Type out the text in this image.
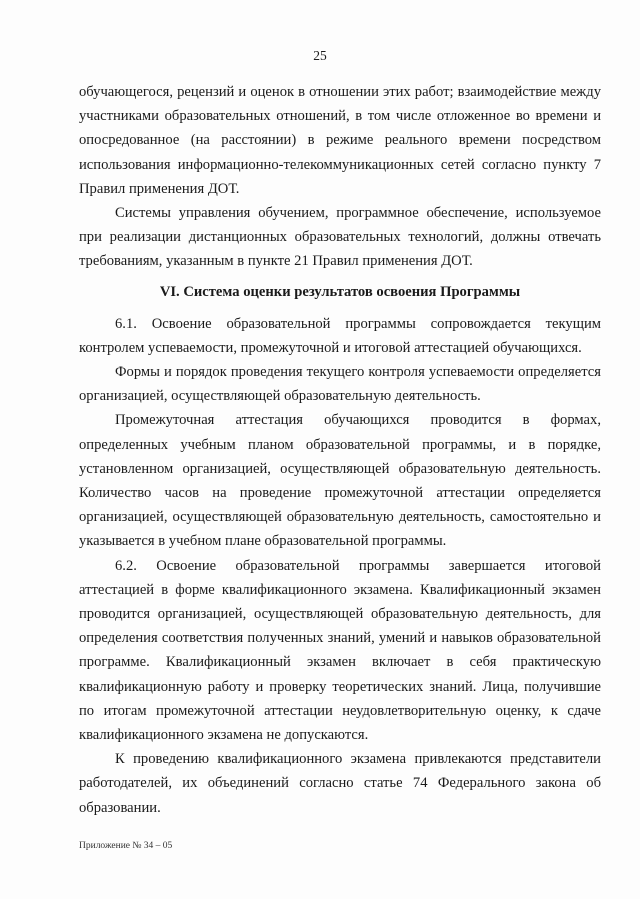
25

обучающегося, рецензий и оценок в отношении этих работ; взаимодействие между участниками образовательных отношений, в том числе отложенное во времени и опосредованное (на расстоянии) в режиме реального времени посредством использования информационно-телекоммуникационных сетей согласно пункту 7 Правил применения ДОТ.

Системы управления обучением, программное обеспечение, используемое при реализации дистанционных образовательных технологий, должны отвечать требованиям, указанным в пункте 21 Правил применения ДОТ.

VI. Система оценки результатов освоения Программы

6.1. Освоение образовательной программы сопровождается текущим контролем успеваемости, промежуточной и итоговой аттестацией обучающихся.

Формы и порядок проведения текущего контроля успеваемости определяется организацией, осуществляющей образовательную деятельность.

Промежуточная аттестация обучающихся проводится в формах, определенных учебным планом образовательной программы, и в порядке, установленном организацией, осуществляющей образовательную деятельность. Количество часов на проведение промежуточной аттестации определяется организацией, осуществляющей образовательную деятельность, самостоятельно и указывается в учебном плане образовательной программы.

6.2. Освоение образовательной программы завершается итоговой аттестацией в форме квалификационного экзамена. Квалификационный экзамен проводится организацией, осуществляющей образовательную деятельность, для определения соответствия полученных знаний, умений и навыков образовательной программе. Квалификационный экзамен включает в себя практическую квалификационную работу и проверку теоретических знаний. Лица, получившие по итогам промежуточной аттестации неудовлетворительную оценку, к сдаче квалификационного экзамена не допускаются.

К проведению квалификационного экзамена привлекаются представители работодателей, их объединений согласно статье 74 Федерального закона об образовании.

Приложение № 34 – 05
